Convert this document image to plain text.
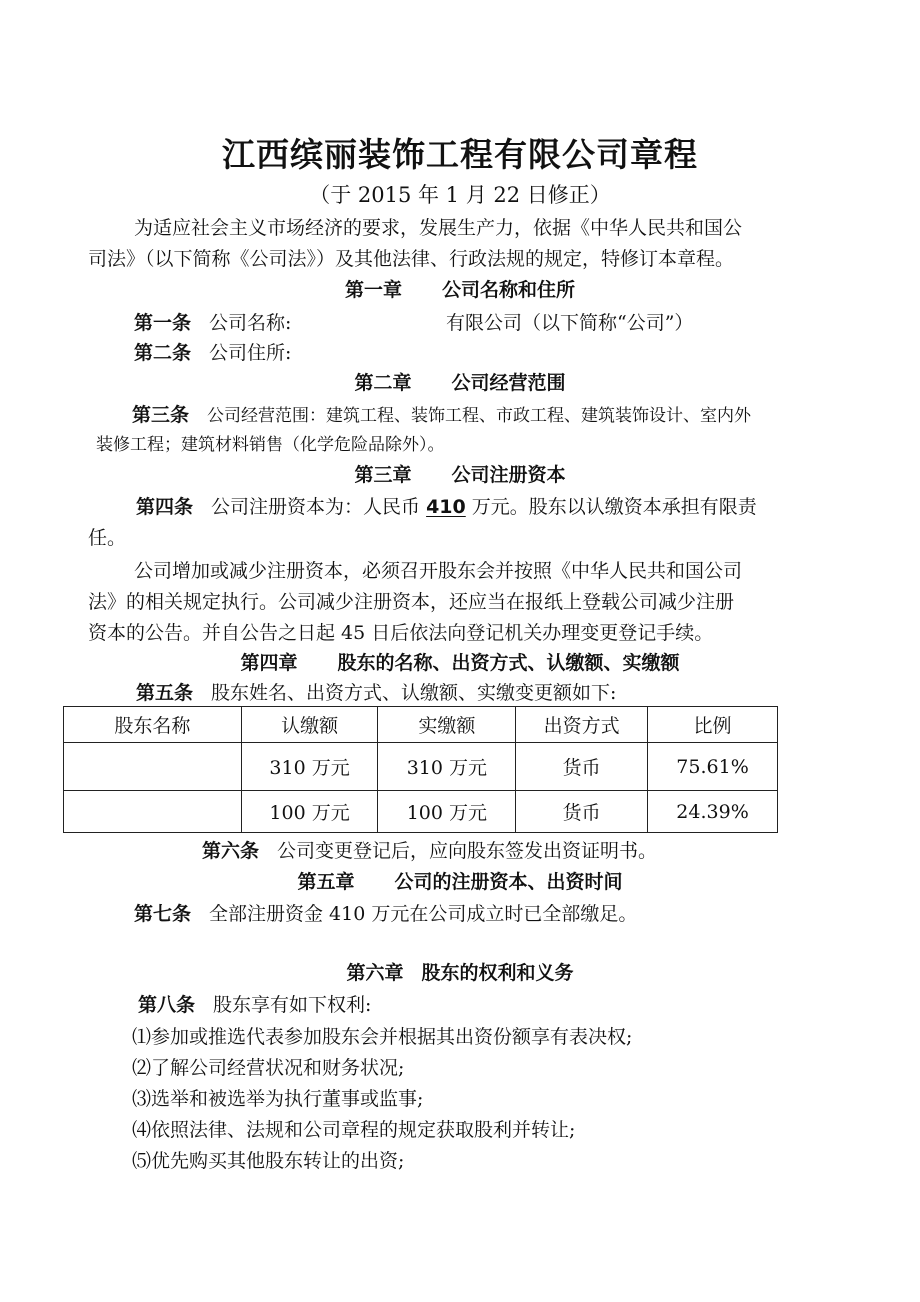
江西缤丽装饰工程有限公司章程
（于 2015 年 1 月 22 日修正）
为适应社会主义市场经济的要求，发展生产力，依据《中华人民共和国公
司法》（以下简称《公司法》）及其他法律、行政法规的规定，特修订本章程。
第一章 公司名称和住所
第一条 公司名称:	有限公司（以下简称“公司”）
第二条 公司住所:
第二章 公司经营范围
第三条 公司经营范围：建筑工程、装饰工程、市政工程、建筑装饰设计、室内外
装修工程；建筑材料销售（化学危险品除外）。
第三章 公司注册资本
第四条 公司注册资本为：人民币 410 万元。股东以认缴资本承担有限责
任。
公司增加或减少注册资本，必须召开股东会并按照《中华人民共和国公司
法》的相关规定执行。公司减少注册资本，还应当在报纸上登载公司减少注册
资本的公告。并自公告之日起 45 日后依法向登记机关办理变更登记手续。
第四章 股东的名称、出资方式、认缴额、实缴额
第五条 股东姓名、出资方式、认缴额、实缴变更额如下:
股东名称	认缴额	实缴额	出资方式	比例
	310 万元	310 万元	货币	75.61%
	100 万元	100 万元	货币	24.39%
第六条 公司变更登记后，应向股东签发出资证明书。
第五章 公司的注册资本、出资时间
第七条 全部注册资金 410 万元在公司成立时已全部缴足。
第六章 股东的权利和义务
第八条 股东享有如下权利:
⑴参加或推选代表参加股东会并根据其出资份额享有表决权;
⑵了解公司经营状况和财务状况;
⑶选举和被选举为执行董事或监事;
⑷依照法律、法规和公司章程的规定获取股利并转让;
⑸优先购买其他股东转让的出资;
